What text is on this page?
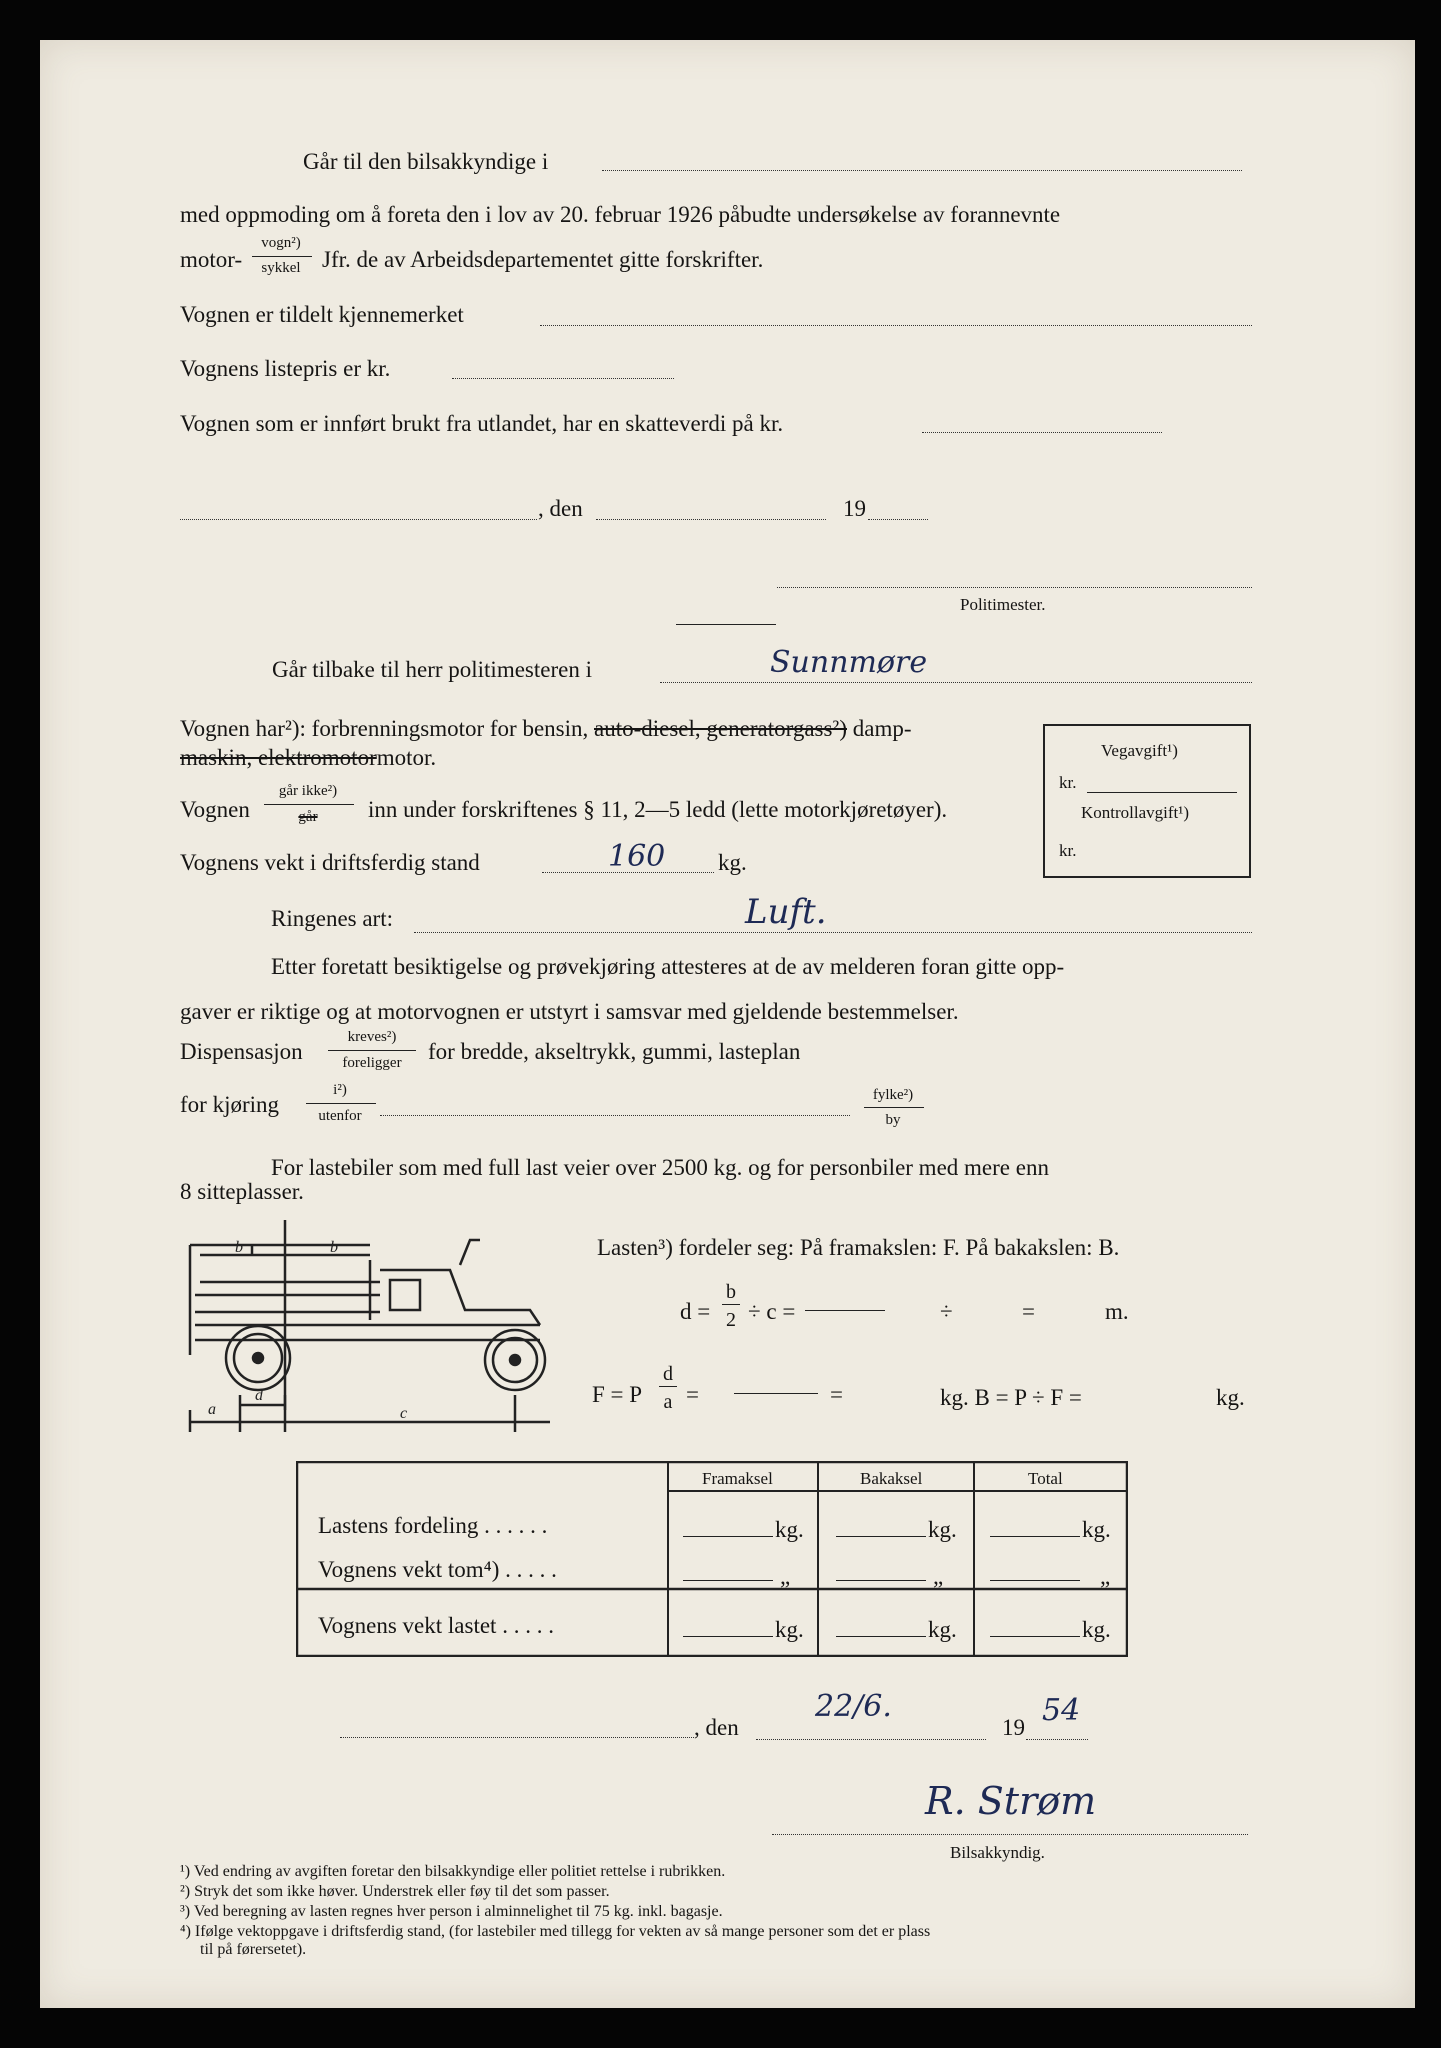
Går til den bilsakkyndige i
med oppmoding om å foreta den i lov av 20. februar 1926 påbudte undersøkelse av forannevnte
motor-
vogn²)
sykkel Jfr. de av Arbeidsdepartementet gitte forskrifter.
Vognen er tildelt kjennemerket
Vognens listepris er kr.
Vognen som er innført brukt fra utlandet, har en skatteverdi på kr.
, den	19
Politimester.
Går tilbake til herr politimesteren i	Sunnmøre
Vognen har²): forbrenningsmotor for bensin, auto-diesel, generatorgass²) damp-
maskin, elektromotormotor.
Vognen
går ikke²)
går	inn under forskriftenes § 11, 2—5 ledd (lette motorkjøretøyer).
Vognens vekt i driftsferdig stand	160 kg.
Ringenes art:	Luft.
Etter foretatt besiktigelse og prøvekjøring attesteres at de av melderen foran gitte opp-
gaver er riktige og at motorvognen er utstyrt i samsvar med gjeldende bestemmelser.
Dispensasjon
kreves²)
foreligger	for bredde, akseltrykk, gummi, lasteplan
for kjøring
i²)
utenfor
fylke²)
by
For lastebiler som med full last veier over 2500 kg. og for personbiler med mere enn
8 sitteplasser.
Vegavgift¹)
kr.
Kontrollavgift¹)
kr.
a
d
b	b
c
Lasten³) fordeler seg: På framakslen: F. På bakakslen: B.
d =
b
2 ÷ c =	÷	=	m.
F = P
d
a =	=	kg. B = P ÷ F =	kg.
Framaksel	Bakaksel	Total
Lastens fordeling . . . . . .	kg.	kg.	kg.
Vognens vekt tom⁴) . . . . .	„	„	„
Vognens vekt lastet . . . . .	kg.	kg.	kg.
, den
22/6.
19 54
R. Strøm
Bilsakkyndig.
¹) Ved endring av avgiften foretar den bilsakkyndige eller politiet rettelse i rubrikken.
²) Stryk det som ikke høver. Understrek eller føy til det som passer.
³) Ved beregning av lasten regnes hver person i alminnelighet til 75 kg. inkl. bagasje.
⁴) Ifølge vektoppgave i driftsferdig stand, (for lastebiler med tillegg for vekten av så mange personer som det er plass
til på førersetet).
